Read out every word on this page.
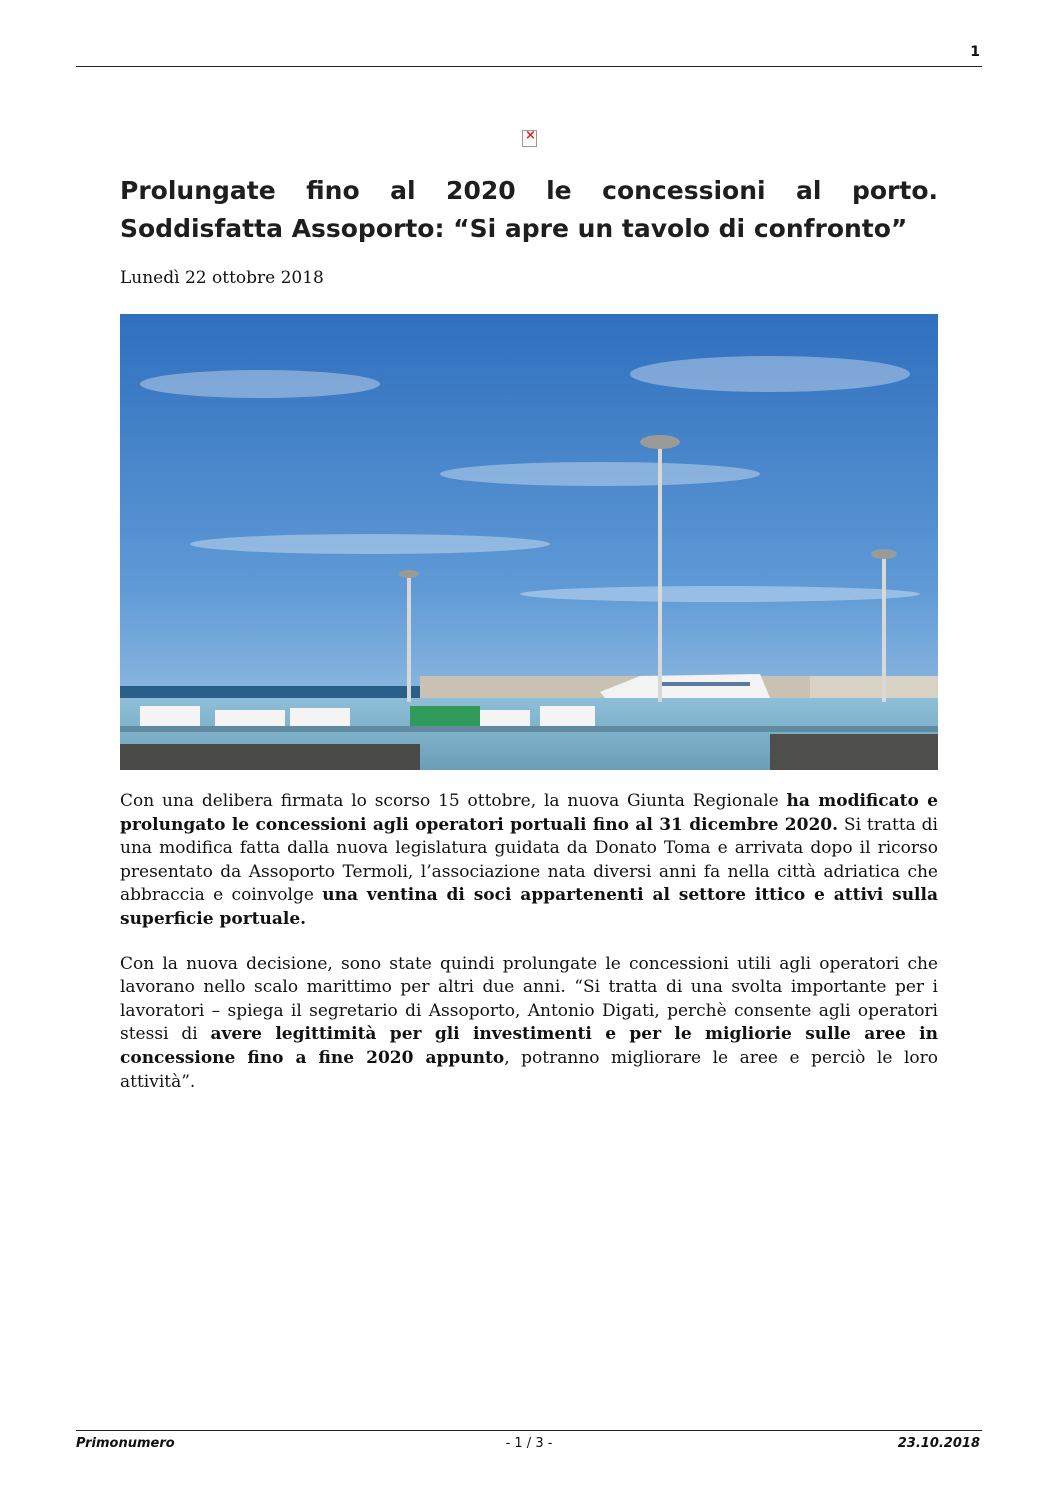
1
×
Prolungate fino al 2020 le concessioni al porto.
Soddisfatta Assoporto: “Si apre un tavolo di confronto”
Lunedì 22 ottobre 2018

Con una delibera firmata lo scorso 15 ottobre, la nuova Giunta Regionale ha modificato e prolungato le concessioni agli operatori portuali fino al 31 dicembre 2020. Si tratta di una modifica fatta dalla nuova legislatura guidata da Donato Toma e arrivata dopo il ricorso presentato da Assoporto Termoli, l’associazione nata diversi anni fa nella città adriatica che abbraccia e coinvolge una ventina di soci appartenenti al settore ittico e attivi sulla superficie portuale.

Con la nuova decisione, sono state quindi prolungate le concessioni utili agli operatori che lavorano nello scalo marittimo per altri due anni. “Si tratta di una svolta importante per i lavoratori – spiega il segretario di Assoporto, Antonio Digati, perchè consente agli operatori stessi di avere legittimità per gli investimenti e per le migliorie sulle aree in concessione fino a fine 2020 appunto, potranno migliorare le aree e perciò le loro attività”.

Primonumero	- 1 / 3 -	23.10.2018
